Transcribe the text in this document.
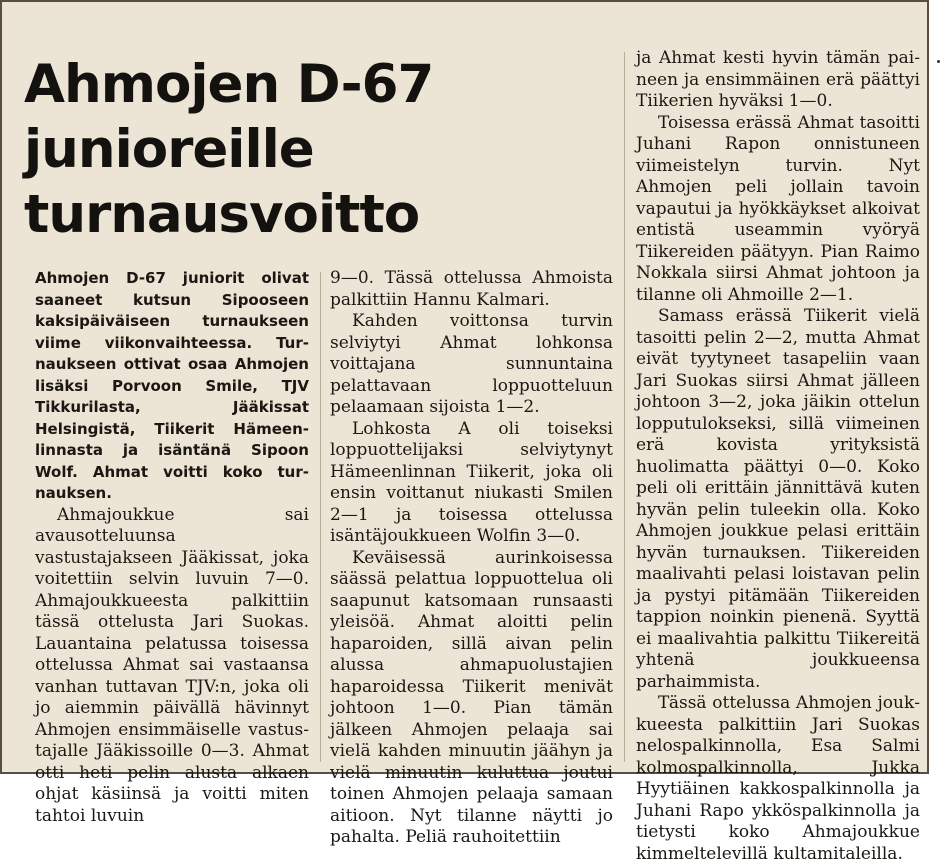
Ahmojen D-67
junioreille
turnausvoitto

Ahmojen D-67 juniorit olivat saaneet kutsun Sipooseen kaksipäiväiseen turnaukseen viime viikonvaihteessa. Turnaukseen ottivat osaa Ahmojen lisäksi Porvoon Smile, TJV Tikkurilasta, Jääkissat Helsingistä, Tiikerit Hämeenlinnasta ja isäntänä Sipoon Wolf. Ahmat voitti koko turnauksen.

Ahmajoukkue sai avausotteluunsa vastustajakseen Jääkissat, joka voitettiin selvin luvuin 7—0. Ahmajoukkueesta palkittiin tässä ottelusta Jari Suokas. Lauantaina pelatussa toisessa ottelussa Ahmat sai vastaansa vanhan tuttavan TJV:n, joka oli jo aiemmin päivällä hävinnyt Ahmojen ensimmäiselle vastustajalle Jääkissoille 0—3. Ahmat otti heti pelin alusta alkaen ohjat käsiinsä ja voitti miten tahtoi luvuin

9—0. Tässä ottelussa Ahmoista palkittiin Hannu Kalmari.

Kahden voittonsa turvin selviytyi Ahmat lohkonsa voittajana sunnuntaina pelattavaan loppuotteluun pelaamaan sijoista 1—2.

Lohkosta A oli toiseksi loppuottelijaksi selviytynyt Hämeenlinnan Tiikerit, joka oli ensin voittanut niukasti Smilen 2—1 ja toisessa ottelussa isäntäjoukkueen Wolfin 3—0.

Keväisessä aurinkoisessa säässä pelattua loppuottelua oli saapunut katsomaan runsaasti yleisöä. Ahmat aloitti pelin haparoiden, sillä aivan pelin alussa ahmapuolustajien haparoidessa Tiikerit menivät johtoon 1—0. Pian tämän jälkeen Ahmojen pelaaja sai vielä kahden minuutin jäähyn ja vielä minuutin kuluttua joutui toinen Ahmojen pelaaja samaan aitioon. Nyt tilanne näytti jo pahalta. Peliä rauhoitettiin

ja Ahmat kesti hyvin tämän paineen ja ensimmäinen erä päättyi Tiikerien hyväksi 1—0.

Toisessa erässä Ahmat tasoitti Juhani Rapon onnistuneen viimeistelyn turvin. Nyt Ahmojen peli jollain tavoin vapautui ja hyökkäykset alkoivat entistä useammin vyöryä Tiikereiden päätyyn. Pian Raimo Nokkala siirsi Ahmat johtoon ja tilanne oli Ahmoille 2—1.

Samass erässä Tiikerit vielä tasoitti pelin 2—2, mutta Ahmat eivät tyytyneet tasapeliin vaan Jari Suokas siirsi Ahmat jälleen johtoon 3—2, joka jäikin ottelun lopputulokseksi, sillä viimeinen erä kovista yrityksistä huolimatta päättyi 0—0. Koko peli oli erittäin jännittävä kuten hyvän pelin tuleekin olla. Koko Ahmojen joukkue pelasi erittäin hyvän turnauksen. Tiikereiden maalivahti pelasi loistavan pelin ja pystyi pitämään Tiikereiden tappion noinkin pienenä. Syyttä ei maalivahtia palkittu Tiikereitä yhtenä joukkueensa parhaimmista.

Tässä ottelussa Ahmojen joukkueesta palkittiin Jari Suokas nelospalkinnolla, Esa Salmi kolmospalkinnolla, Jukka Hyytiäinen kakkospalkinnolla ja Juhani Rapo ykköspalkinnolla ja tietysti koko Ahmajoukkue kimmeltelevillä kultamitaleilla.
